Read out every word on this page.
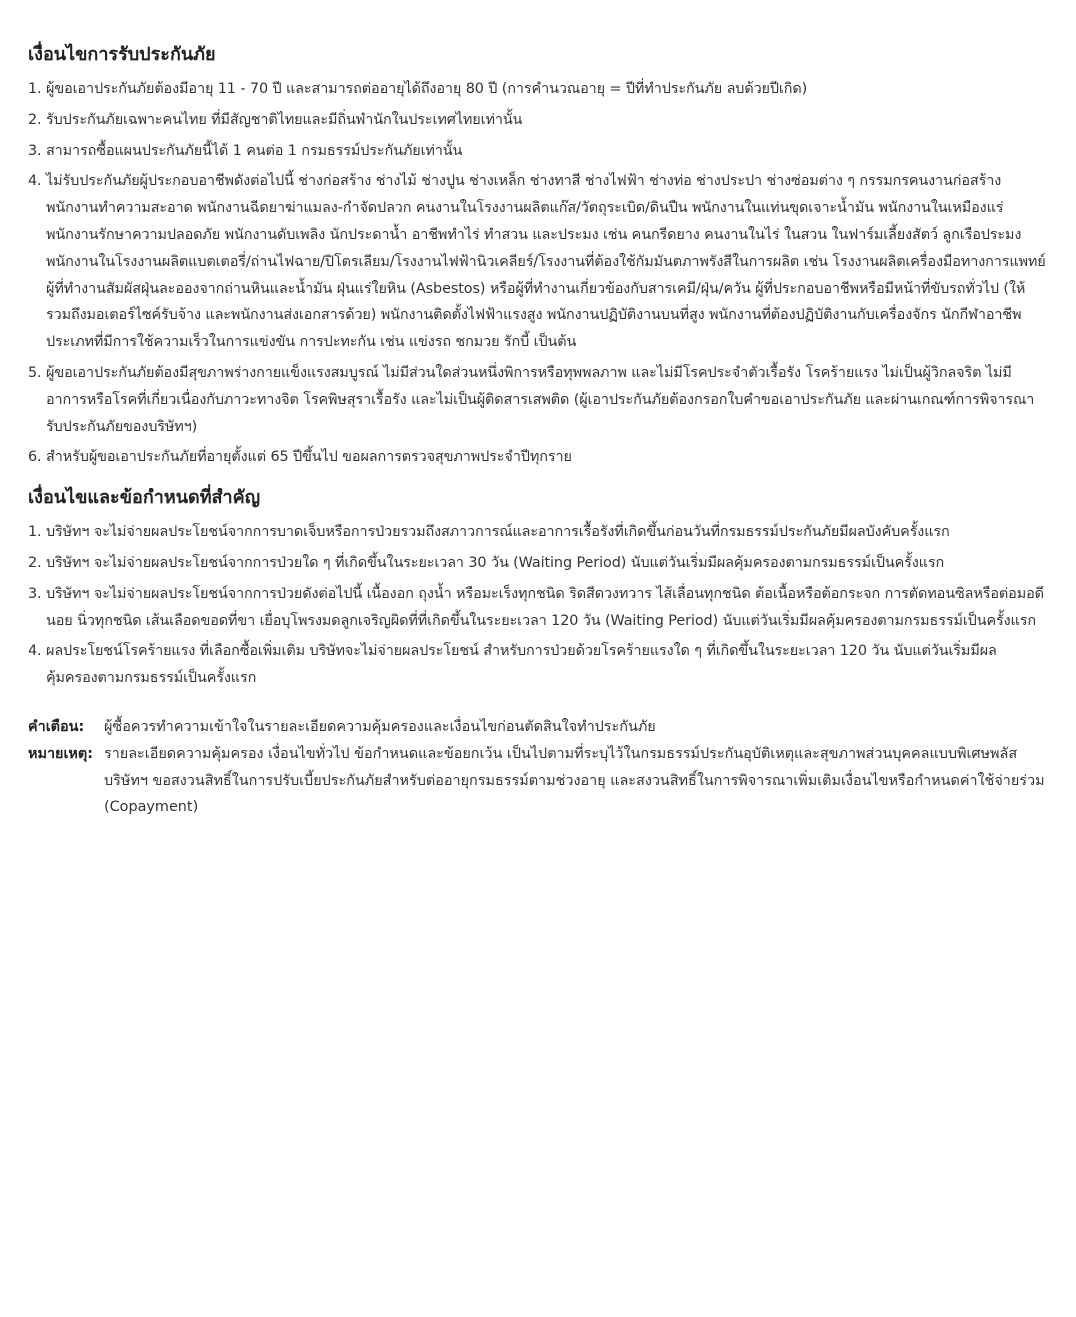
เงื่อนไขการรับประกันภัย
1. ผู้ขอเอาประกันภัยต้องมีอายุ 11 - 70 ปี และสามารถต่ออายุได้ถึงอายุ 80 ปี (การคำนวณอายุ = ปีที่ทำประกันภัย ลบด้วยปีเกิด)
2. รับประกันภัยเฉพาะคนไทย ที่มีสัญชาติไทยและมีถิ่นพำนักในประเทศไทยเท่านั้น
3. สามารถซื้อแผนประกันภัยนี้ได้ 1 คนต่อ 1 กรมธรรม์ประกันภัยเท่านั้น
4. ไม่รับประกันภัยผู้ประกอบอาชีพดังต่อไปนี้ ช่างก่อสร้าง ช่างไม้ ช่างปูน ช่างเหล็ก ช่างทาสี ช่างไฟฟ้า ช่างท่อ ช่างประปา ช่างซ่อมต่าง ๆ กรรมกรคนงานก่อสร้าง พนักงานทำความสะอาด พนักงานฉีดยาฆ่าแมลง-กำจัดปลวก คนงานในโรงงานผลิตแก๊ส/วัตถุระเบิด/ดินปืน พนักงานในแท่นขุดเจาะน้ำมัน พนักงานในเหมืองแร่ พนักงานรักษาความปลอดภัย พนักงานดับเพลิง นักประดาน้ำ อาชีพทำไร่ ทำสวน และประมง เช่น คนกรีดยาง คนงานในไร่ ในสวน ในฟาร์มเลี้ยงสัตว์ ลูกเรือประมง พนักงานในโรงงานผลิตแบตเตอรี่/ถ่านไฟฉาย/ปิโตรเลียม/โรงงานไฟฟ้านิวเคลียร์/โรงงานที่ต้องใช้กัมมันตภาพรังสีในการผลิต เช่น โรงงานผลิตเครื่องมือทางการแพทย์ผู้ที่ทำงานสัมผัสฝุ่นละอองจากถ่านหินและน้ำมัน ฝุ่นแร่ใยหิน (Asbestos) หรือผู้ที่ทำงานเกี่ยวข้องกับสารเคมี/ฝุ่น/ควัน ผู้ที่ประกอบอาชีพหรือมีหน้าที่ขับรถทั่วไป (ให้รวมถึงมอเตอร์ไซค์รับจ้าง และพนักงานส่งเอกสารด้วย) พนักงานติดตั้งไฟฟ้าแรงสูง พนักงานปฏิบัติงานบนที่สูง พนักงานที่ต้องปฏิบัติงานกับเครื่องจักร นักกีฬาอาชีพประเภทที่มีการใช้ความเร็วในการแข่งขัน การปะทะกัน เช่น แข่งรถ ชกมวย รักบี้ เป็นต้น
5. ผู้ขอเอาประกันภัยต้องมีสุขภาพร่างกายแข็งแรงสมบูรณ์ ไม่มีส่วนใดส่วนหนึ่งพิการหรือทุพพลภาพ และไม่มีโรคประจำตัวเรื้อรัง โรคร้ายแรง ไม่เป็นผู้วิกลจริต ไม่มีอาการหรือโรคที่เกี่ยวเนื่องกับภาวะทางจิต โรคพิษสุราเรื้อรัง และไม่เป็นผู้ติดสารเสพติด (ผู้เอาประกันภัยต้องกรอกใบคำขอเอาประกันภัย และผ่านเกณฑ์การพิจารณารับประกันภัยของบริษัทฯ)
6. สำหรับผู้ขอเอาประกันภัยที่อายุตั้งแต่ 65 ปีขึ้นไป ขอผลการตรวจสุขภาพประจำปีทุกราย
เงื่อนไขและข้อกำหนดที่สำคัญ
1. บริษัทฯ จะไม่จ่ายผลประโยชน์จากการบาดเจ็บหรือการป่วยรวมถึงสภาวการณ์และอาการเรื้อรังที่เกิดขึ้นก่อนวันที่กรมธรรม์ประกันภัยมีผลบังคับครั้งแรก
2. บริษัทฯ จะไม่จ่ายผลประโยชน์จากการป่วยใด ๆ ที่เกิดขึ้นในระยะเวลา 30 วัน (Waiting Period) นับแต่วันเริ่มมีผลคุ้มครองตามกรมธรรม์เป็นครั้งแรก
3. บริษัทฯ จะไม่จ่ายผลประโยชน์จากการป่วยดังต่อไปนี้ เนื้องอก ถุงน้ำ หรือมะเร็งทุกชนิด ริดสีดวงทวาร ไส้เลื่อนทุกชนิด ต้อเนื้อหรือต้อกระจก การตัดทอนซิลหรือต่อมอดีนอย นิ่วทุกชนิด เส้นเลือดขอดที่ขา เยื่อบุโพรงมดลูกเจริญผิดที่ที่เกิดขึ้นในระยะเวลา 120 วัน (Waiting Period) นับแต่วันเริ่มมีผลคุ้มครองตามกรมธรรม์เป็นครั้งแรก
4. ผลประโยชน์โรคร้ายแรง ที่เลือกซื้อเพิ่มเติม บริษัทจะไม่จ่ายผลประโยชน์ สำหรับการป่วยด้วยโรคร้ายแรงใด ๆ ที่เกิดขึ้นในระยะเวลา 120 วัน นับแต่วันเริ่มมีผลคุ้มครองตามกรมธรรม์เป็นครั้งแรก
คำเตือน:	ผู้ซื้อควรทำความเข้าใจในรายละเอียดความคุ้มครองและเงื่อนไขก่อนตัดสินใจทำประกันภัย
หมายเหตุ: รายละเอียดความคุ้มครอง เงื่อนไขทั่วไป ข้อกำหนดและข้อยกเว้น เป็นไปตามที่ระบุไว้ในกรมธรรม์ประกันอุบัติเหตุและสุขภาพส่วนบุคคลแบบพิเศษพลัส บริษัทฯ ขอสงวนสิทธิ์ในการปรับเบี้ยประกันภัยสำหรับต่ออายุกรมธรรม์ตามช่วงอายุ และสงวนสิทธิ์ในการพิจารณาเพิ่มเติมเงื่อนไขหรือกำหนดค่าใช้จ่ายร่วม (Copayment)
